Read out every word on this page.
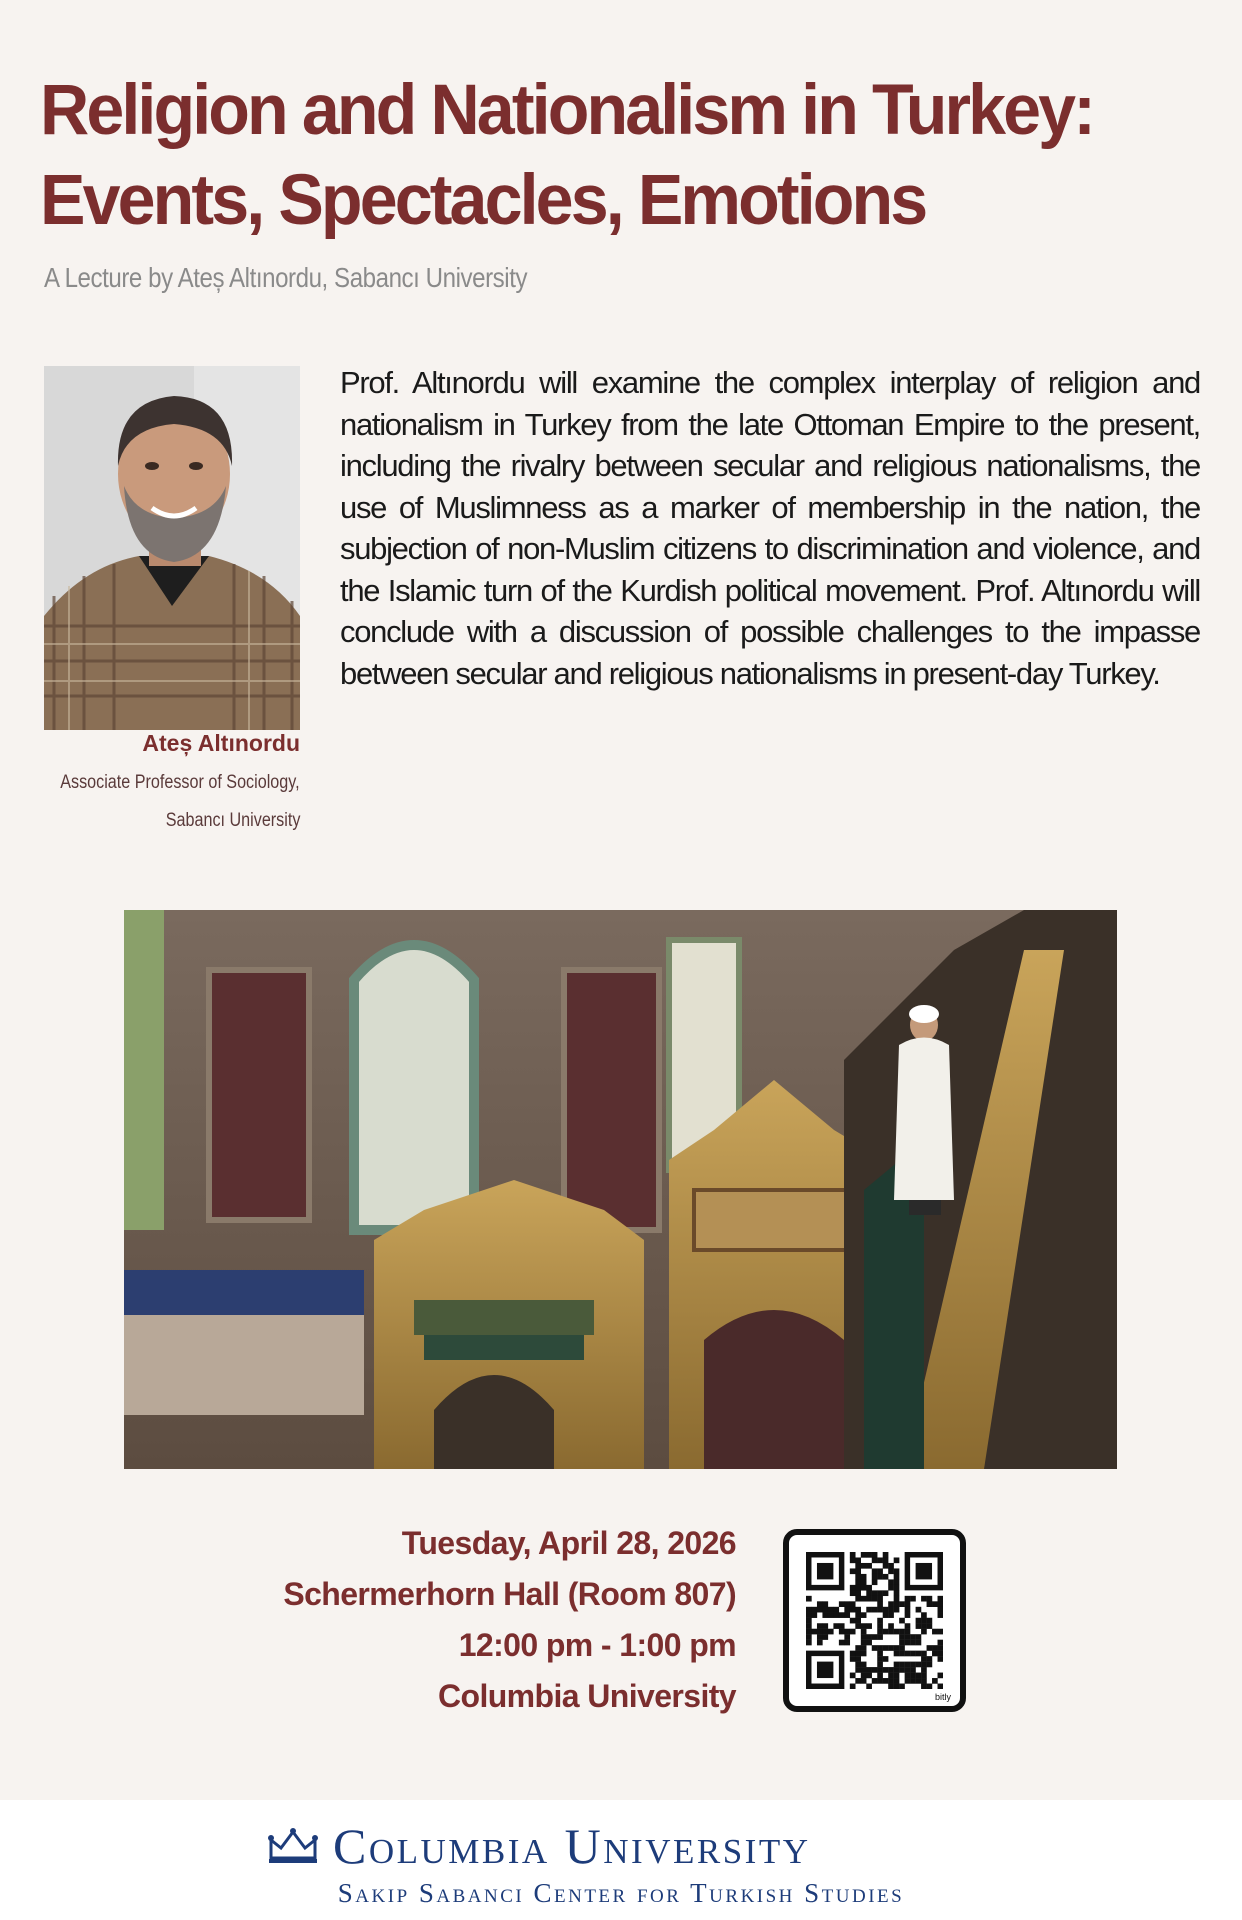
Religion and Nationalism in Turkey:
Events, Spectacles, Emotions
A Lecture by Ateș Altınordu, Sabancı University
Ateș Altınordu
Associate Professor of Sociology,
Sabancı University

Prof. Altınordu will examine the complex interplay of religion and nationalism in Turkey from the late Ottoman Empire to the present, including the rivalry between secular and religious nationalisms, the use of Muslimness as a marker of membership in the nation, the subjection of non-Muslim citizens to discrimination and violence, and the Islamic turn of the Kurdish political movement. Prof. Altınordu will conclude with a discussion of possible challenges to the impasse between secular and religious nationalisms in present-day Turkey.

Tuesday, April 28, 2026
Schermerhorn Hall (Room 807)
12:00 pm - 1:00 pm
Columbia University	bitly
Columbia University
Sakip Sabanci Center for Turkish Studies
